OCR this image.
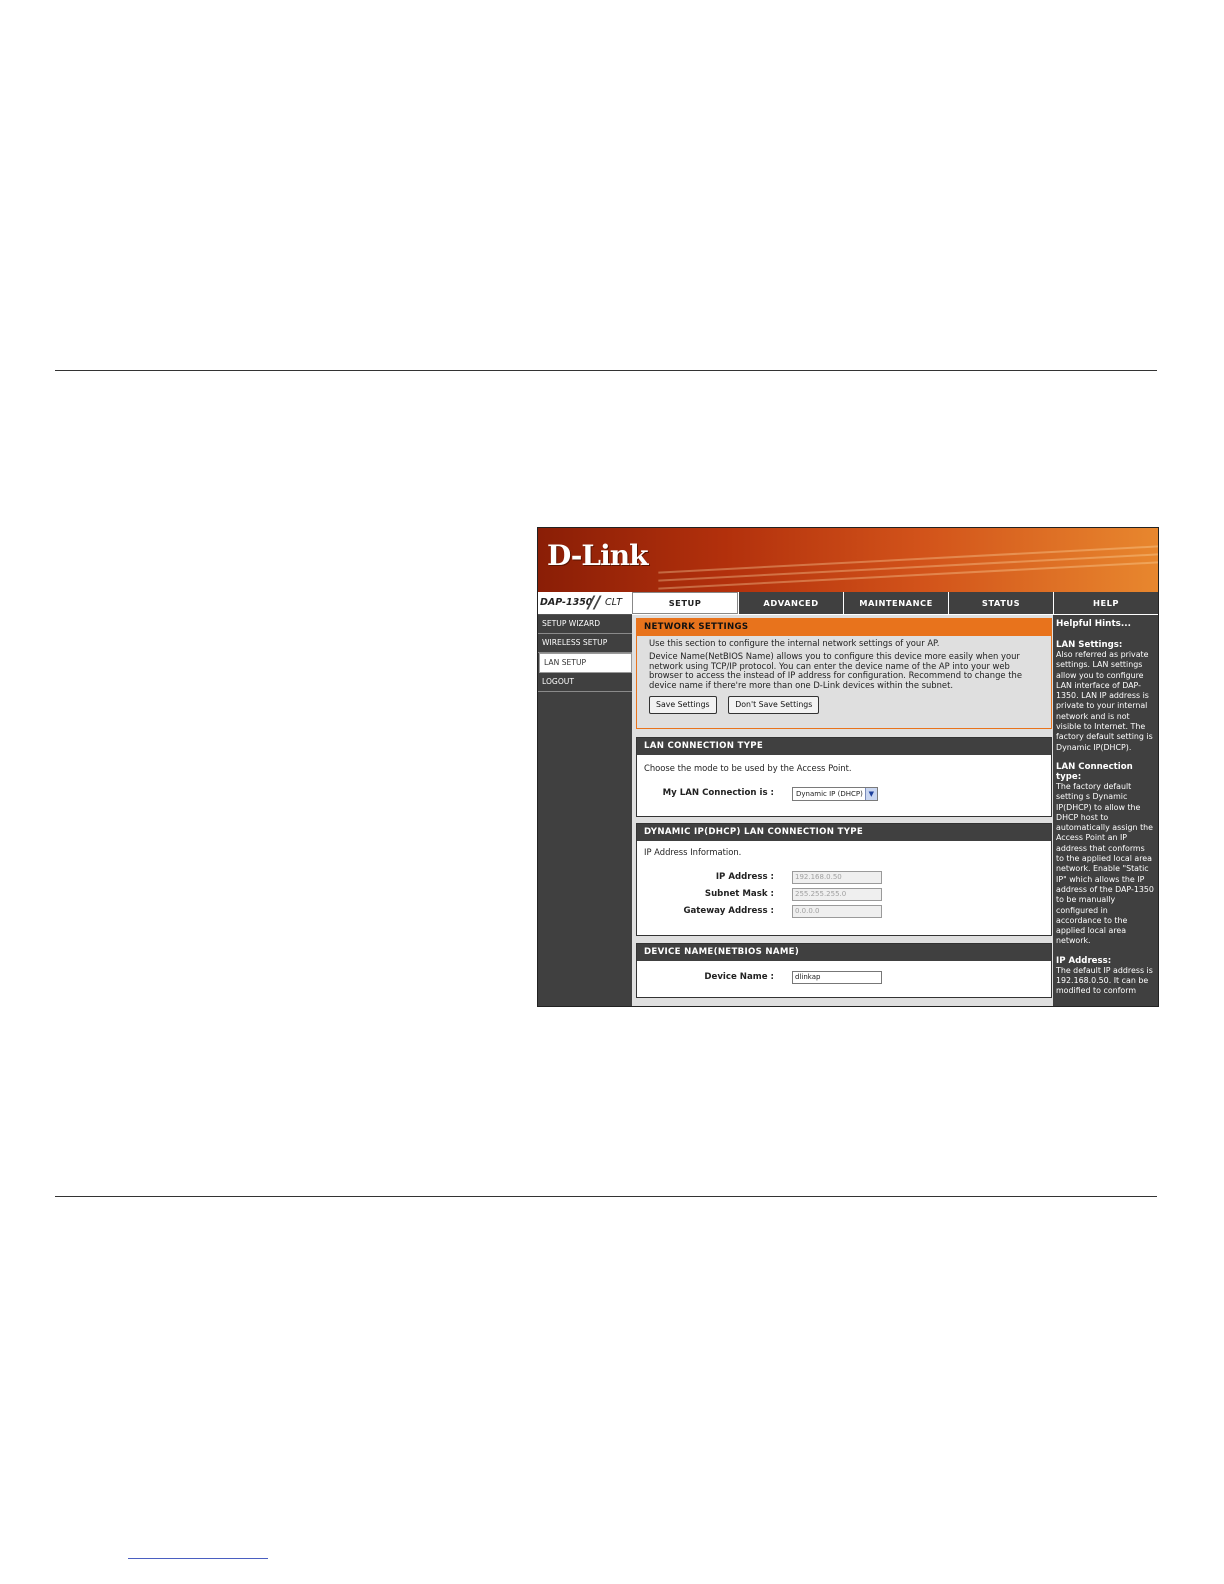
D-Link
DAP-1350
// CLT	SETUP	ADVANCED	MAINTENANCE	STATUS	HELP
SETUP WIZARD
WIRELESS SETUP
LAN SETUP
LOGOUT
NETWORK SETTINGS

Use this section to configure the internal network settings of your AP.

Device Name(NetBIOS Name) allows you to configure this device more easily when your network using TCP/IP protocol. You can enter the device name of the AP into your web browser to access the instead of IP address for configuration. Recommend to change the device name if there're more than one D-Link devices within the subnet.

Save Settings	Don't Save Settings
LAN CONNECTION TYPE
Choose the mode to be used by the Access Point.
My LAN Connection is :	Dynamic IP (DHCP) ▼
DYNAMIC IP(DHCP) LAN CONNECTION TYPE
IP Address Information.
IP Address :	192.168.0.50
Subnet Mask :	255.255.255.0
Gateway Address :	0.0.0.0
DEVICE NAME(NETBIOS NAME)
Device Name :	dlinkap
Helpful Hints...
LAN Settings:
Also referred as private settings. LAN settings allow you to configure LAN interface of DAP-1350. LAN IP address is private to your internal network and is not visible to Internet. The factory default setting is Dynamic IP(DHCP).
LAN Connection type:
The factory default setting s Dynamic IP(DHCP) to allow the DHCP host to automatically assign the Access Point an IP address that conforms to the applied local area network. Enable "Static IP" which allows the IP address of the DAP-1350 to be manually configured in accordance to the applied local area network.
IP Address:
The default IP address is 192.168.0.50. It can be modified to conform
